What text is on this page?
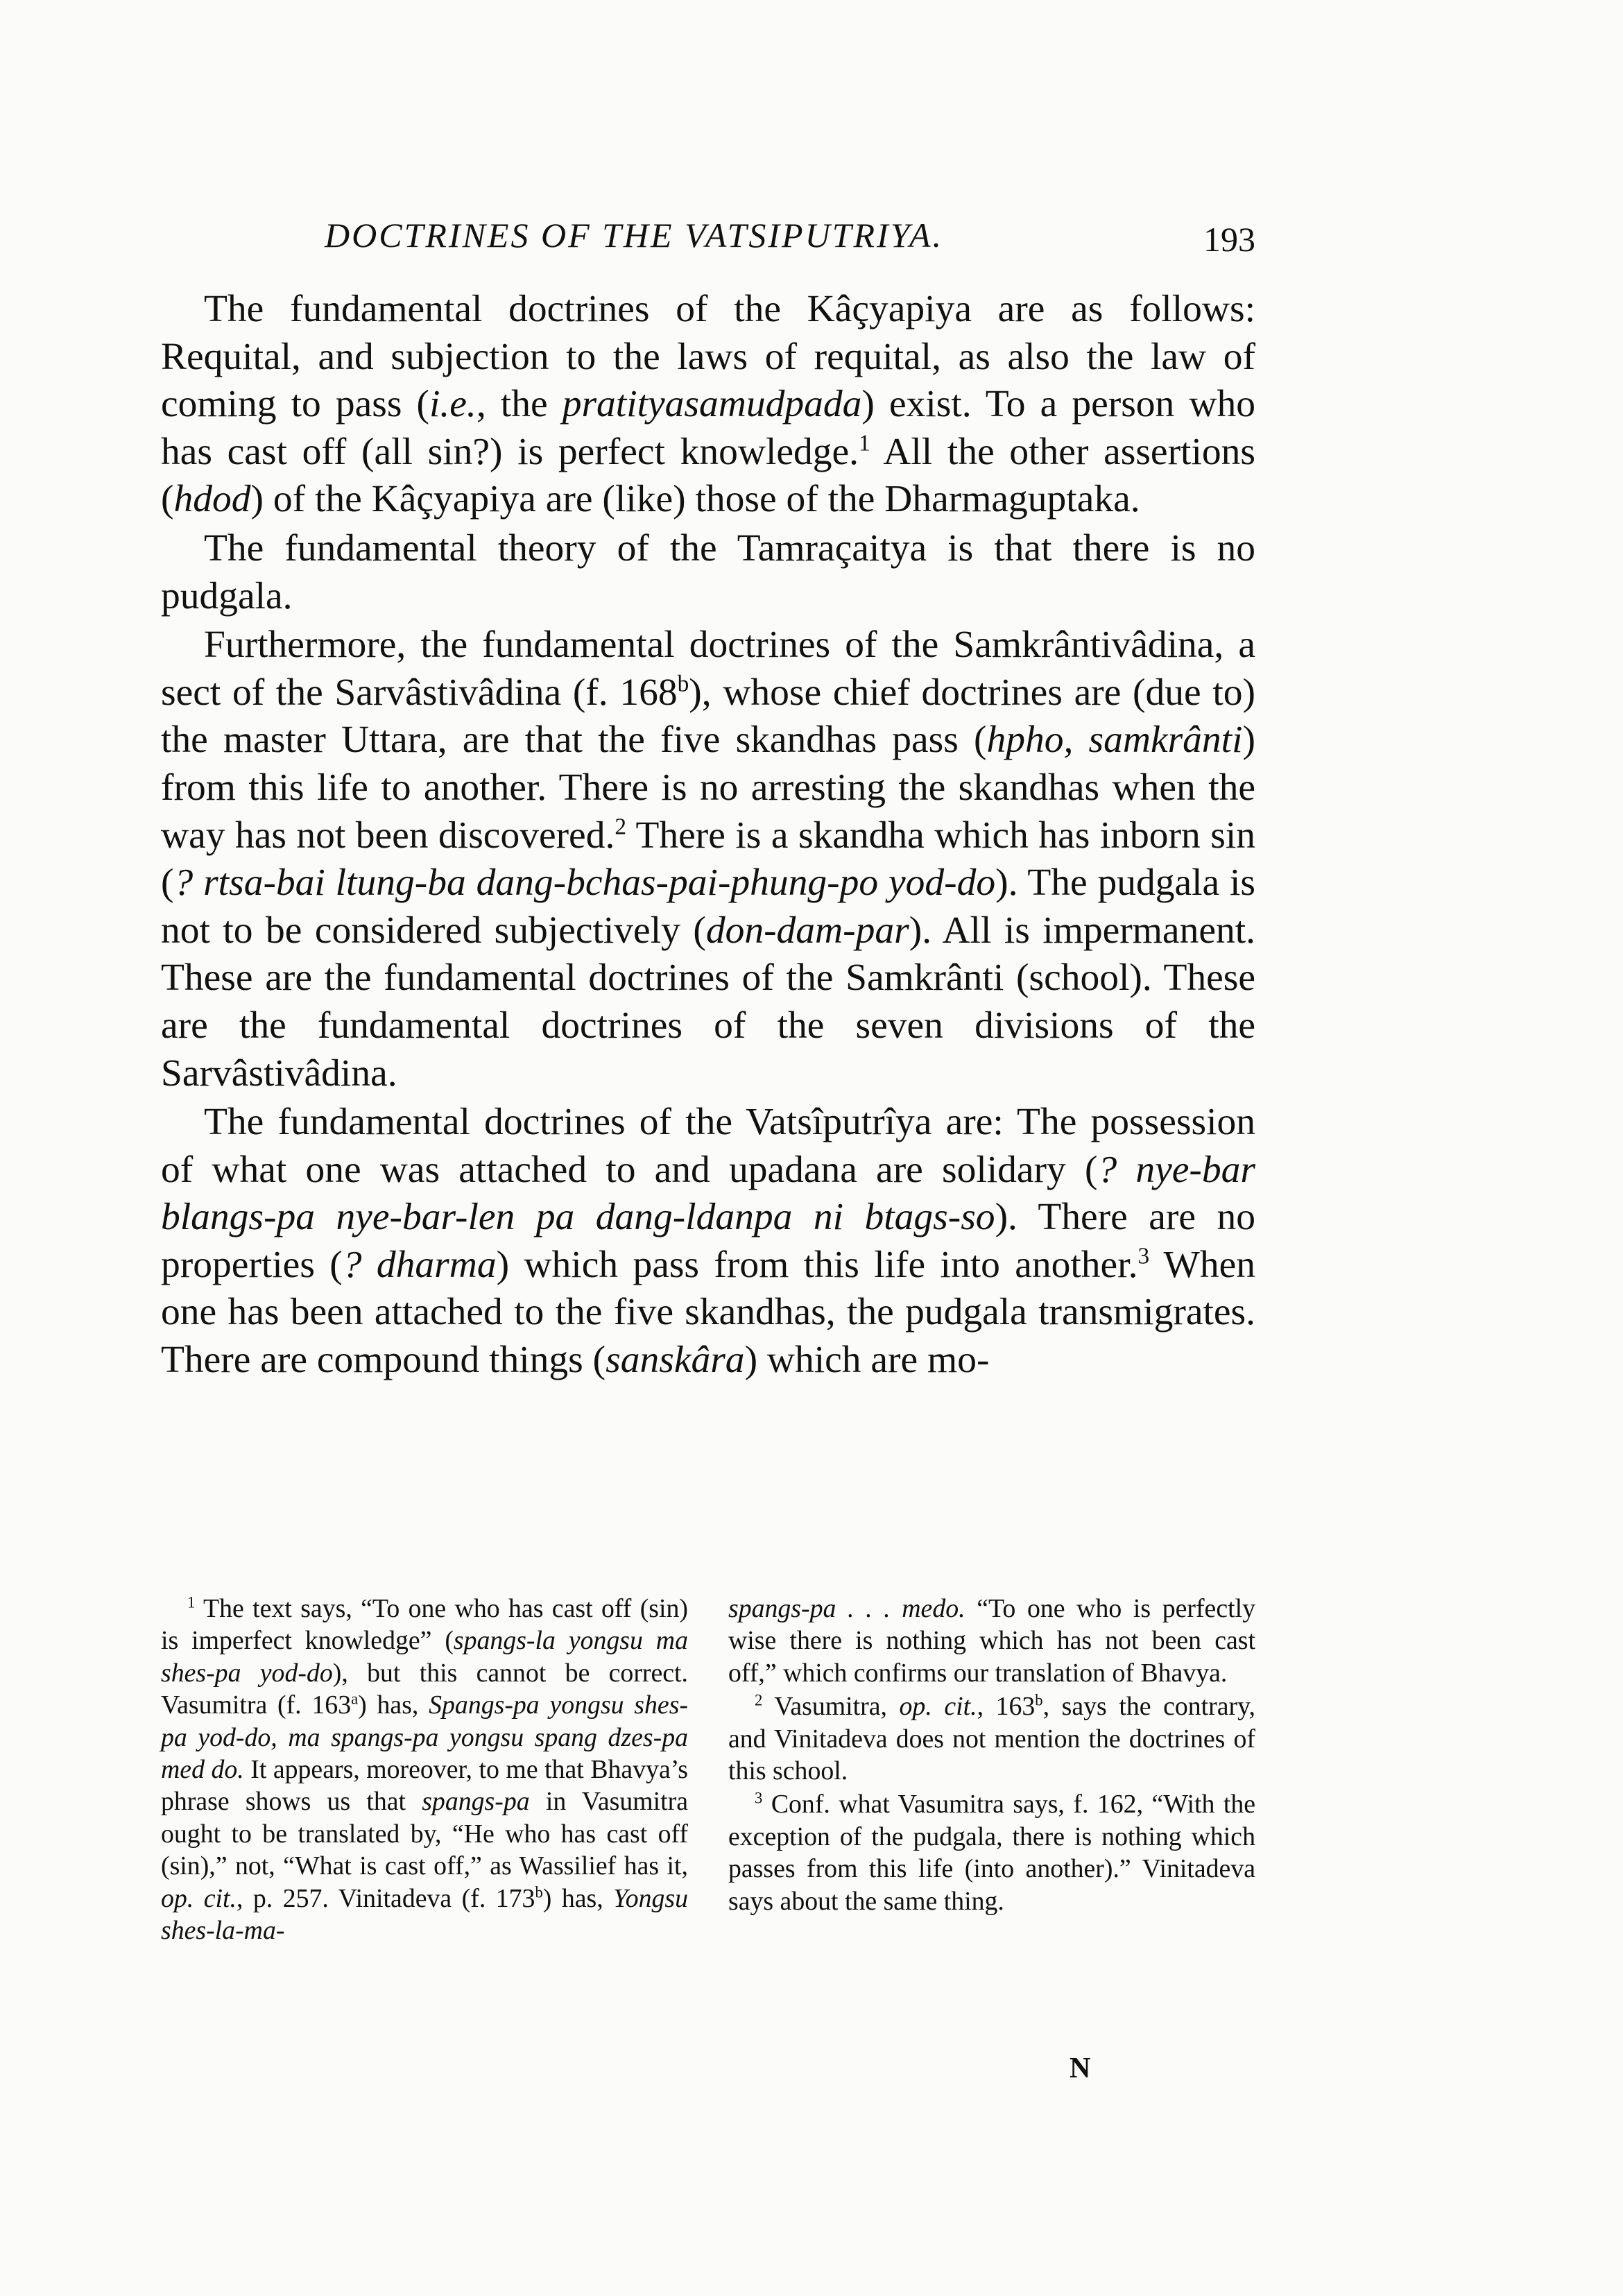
DOCTRINES OF THE VATSIPUTRIYA.	193

The fundamental doctrines of the Kâçyapiya are as follows: Requital, and subjection to the laws of requital, as also the law of coming to pass (i.e., the pratityasamudpada) exist. To a person who has cast off (all sin?) is perfect knowledge.$^1$ All the other assertions (hdod) of the Kâçyapiya are (like) those of the Dharmaguptaka.

The fundamental theory of the Tamraçaitya is that there is no pudgala.

Furthermore, the fundamental doctrines of the Samkrântivâdina, a sect of the Sarvâstivâdina (f. 168$^b$), whose chief doctrines are (due to) the master Uttara, are that the five skandhas pass (hpho, samkrânti) from this life to another. There is no arresting the skandhas when the way has not been discovered.$^2$ There is a skandha which has inborn sin (? rtsa-bai ltung-ba dang-bchas-pai-phung-po yod-do). The pudgala is not to be considered subjectively (don-dam-par). All is impermanent. These are the fundamental doctrines of the Samkrânti (school). These are the fundamental doctrines of the seven divisions of the Sarvâstivâdina.

The fundamental doctrines of the Vatsîputrîya are: The possession of what one was attached to and upadana are solidary (? nye-bar blangs-pa nye-bar-len pa dang-ldanpa ni btags-so). There are no properties (? dharma) which pass from this life into another.$^3$ When one has been attached to the five skandhas, the pudgala transmigrates. There are compound things (sanskâra) which are mo-

$^1$ The text says, “To one who has cast off (sin) is imperfect knowledge” (spangs-la yongsu ma shes-pa yod-do), but this cannot be correct. Vasumitra (f. 163$^a$) has, Spangs-pa yongsu shes-pa yod-do, ma spangs-pa yongsu spang dzes-pa med do. It appears, moreover, to me that Bhavya’s phrase shows us that spangs-pa in Vasumitra ought to be translated by, “He who has cast off (sin),” not, “What is cast off,” as Wassilief has it, op. cit., p. 257. Vinitadeva (f. 173$^b$) has, Yongsu shes-la-ma-

spangs-pa . . . medo. “To one who is perfectly wise there is nothing which has not been cast off,” which confirms our translation of Bhavya.

$^2$ Vasumitra, op. cit., 163$^b$, says the contrary, and Vinitadeva does not mention the doctrines of this school.

$^3$ Conf. what Vasumitra says, f. 162, “With the exception of the pudgala, there is nothing which passes from this life (into another).” Vinitadeva says about the same thing.

N
